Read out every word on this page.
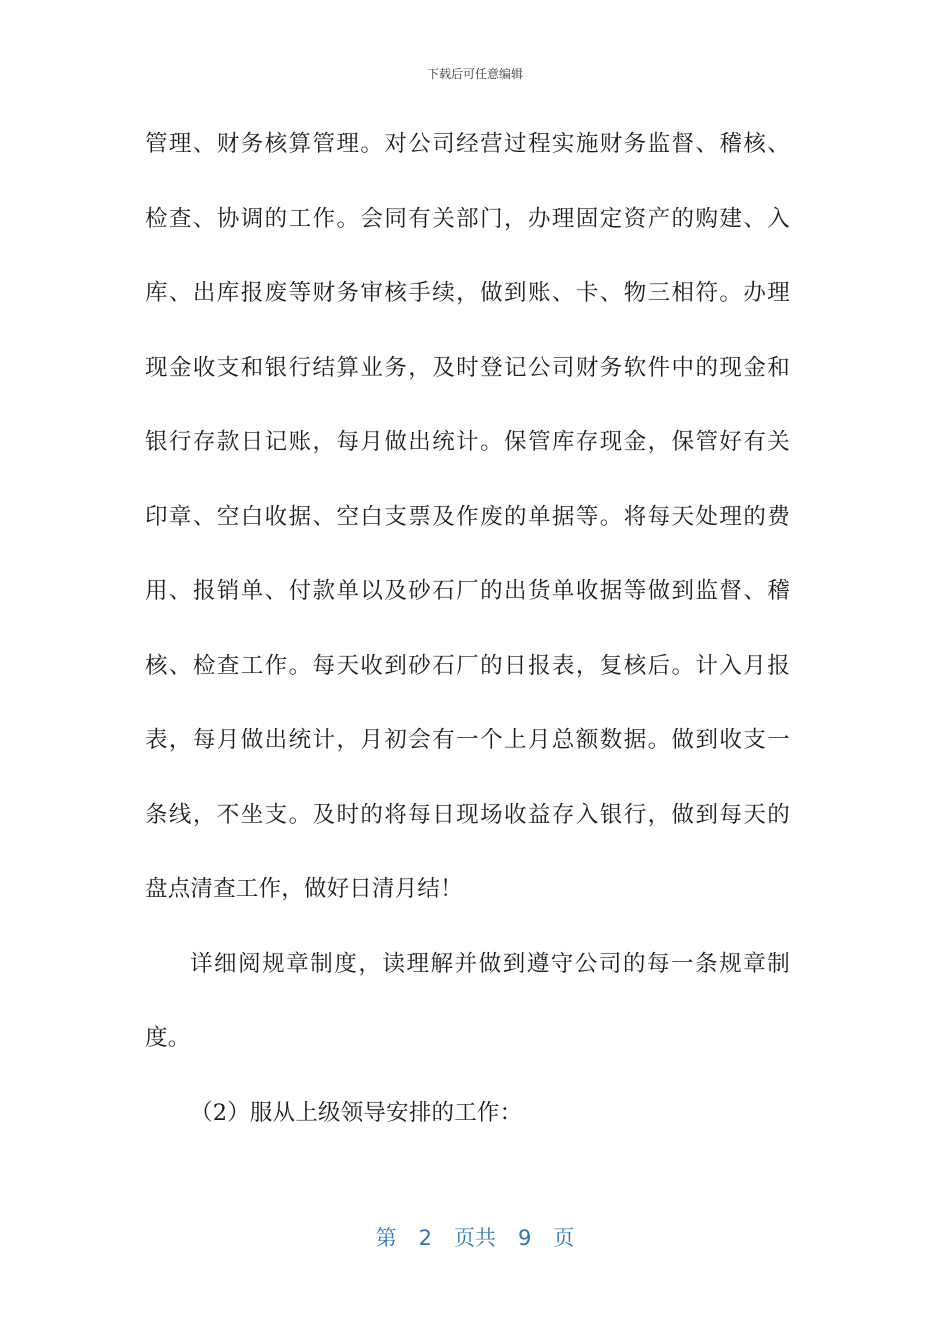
下载后可任意编辑
管理、财务核算管理。对公司经营过程实施财务监督、稽核、
检查、协调的工作。会同有关部门，办理固定资产的购建、入
库、出库报废等财务审核手续，做到账、卡、物三相符。办理
现金收支和银行结算业务，及时登记公司财务软件中的现金和
银行存款日记账，每月做出统计。保管库存现金，保管好有关
印章、空白收据、空白支票及作废的单据等。将每天处理的费
用、报销单、付款单以及砂石厂的出货单收据等做到监督、稽
核、检查工作。每天收到砂石厂的日报表，复核后。计入月报
表，每月做出统计，月初会有一个上月总额数据。做到收支一
条线，不坐支。及时的将每日现场收益存入银行，做到每天的
盘点清查工作，做好日清月结！
详细阅规章制度，读理解并做到遵守公司的每一条规章制
度。
（2）服从上级领导安排的工作：
第 2 页共 9 页
